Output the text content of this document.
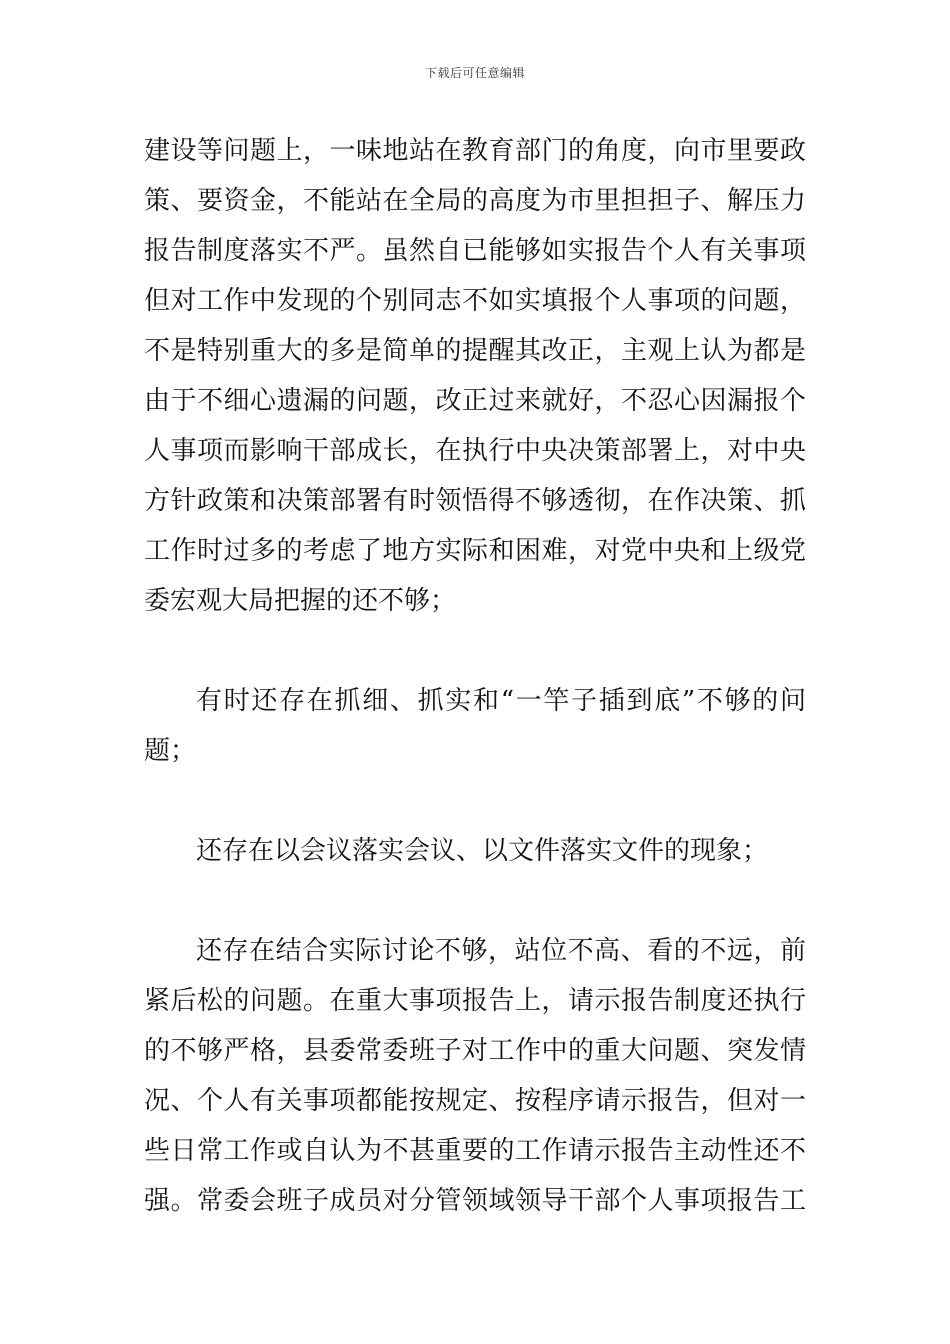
下载后可任意编辑

建设等问题上，一味地站在教育部门的角度，向市里要政
策、要资金，不能站在全局的高度为市里担担子、解压力
报告制度落实不严。虽然自已能够如实报告个人有关事项
但对工作中发现的个别同志不如实填报个人事项的问题，
不是特别重大的多是简单的提醒其改正，主观上认为都是
由于不细心遗漏的问题，改正过来就好，不忍心因漏报个
人事项而影响干部成长，在执行中央决策部署上，对中央
方针政策和决策部署有时领悟得不够透彻，在作决策、抓
工作时过多的考虑了地方实际和困难，对党中央和上级党
委宏观大局把握的还不够；

有时还存在抓细、抓实和“一竿子插到底”不够的问
题；

还存在以会议落实会议、以文件落实文件的现象；

还存在结合实际讨论不够，站位不高、看的不远，前
紧后松的问题。在重大事项报告上，请示报告制度还执行
的不够严格，县委常委班子对工作中的重大问题、突发情
况、个人有关事项都能按规定、按程序请示报告，但对一
些日常工作或自认为不甚重要的工作请示报告主动性还不
强。常委会班子成员对分管领域领导干部个人事项报告工
